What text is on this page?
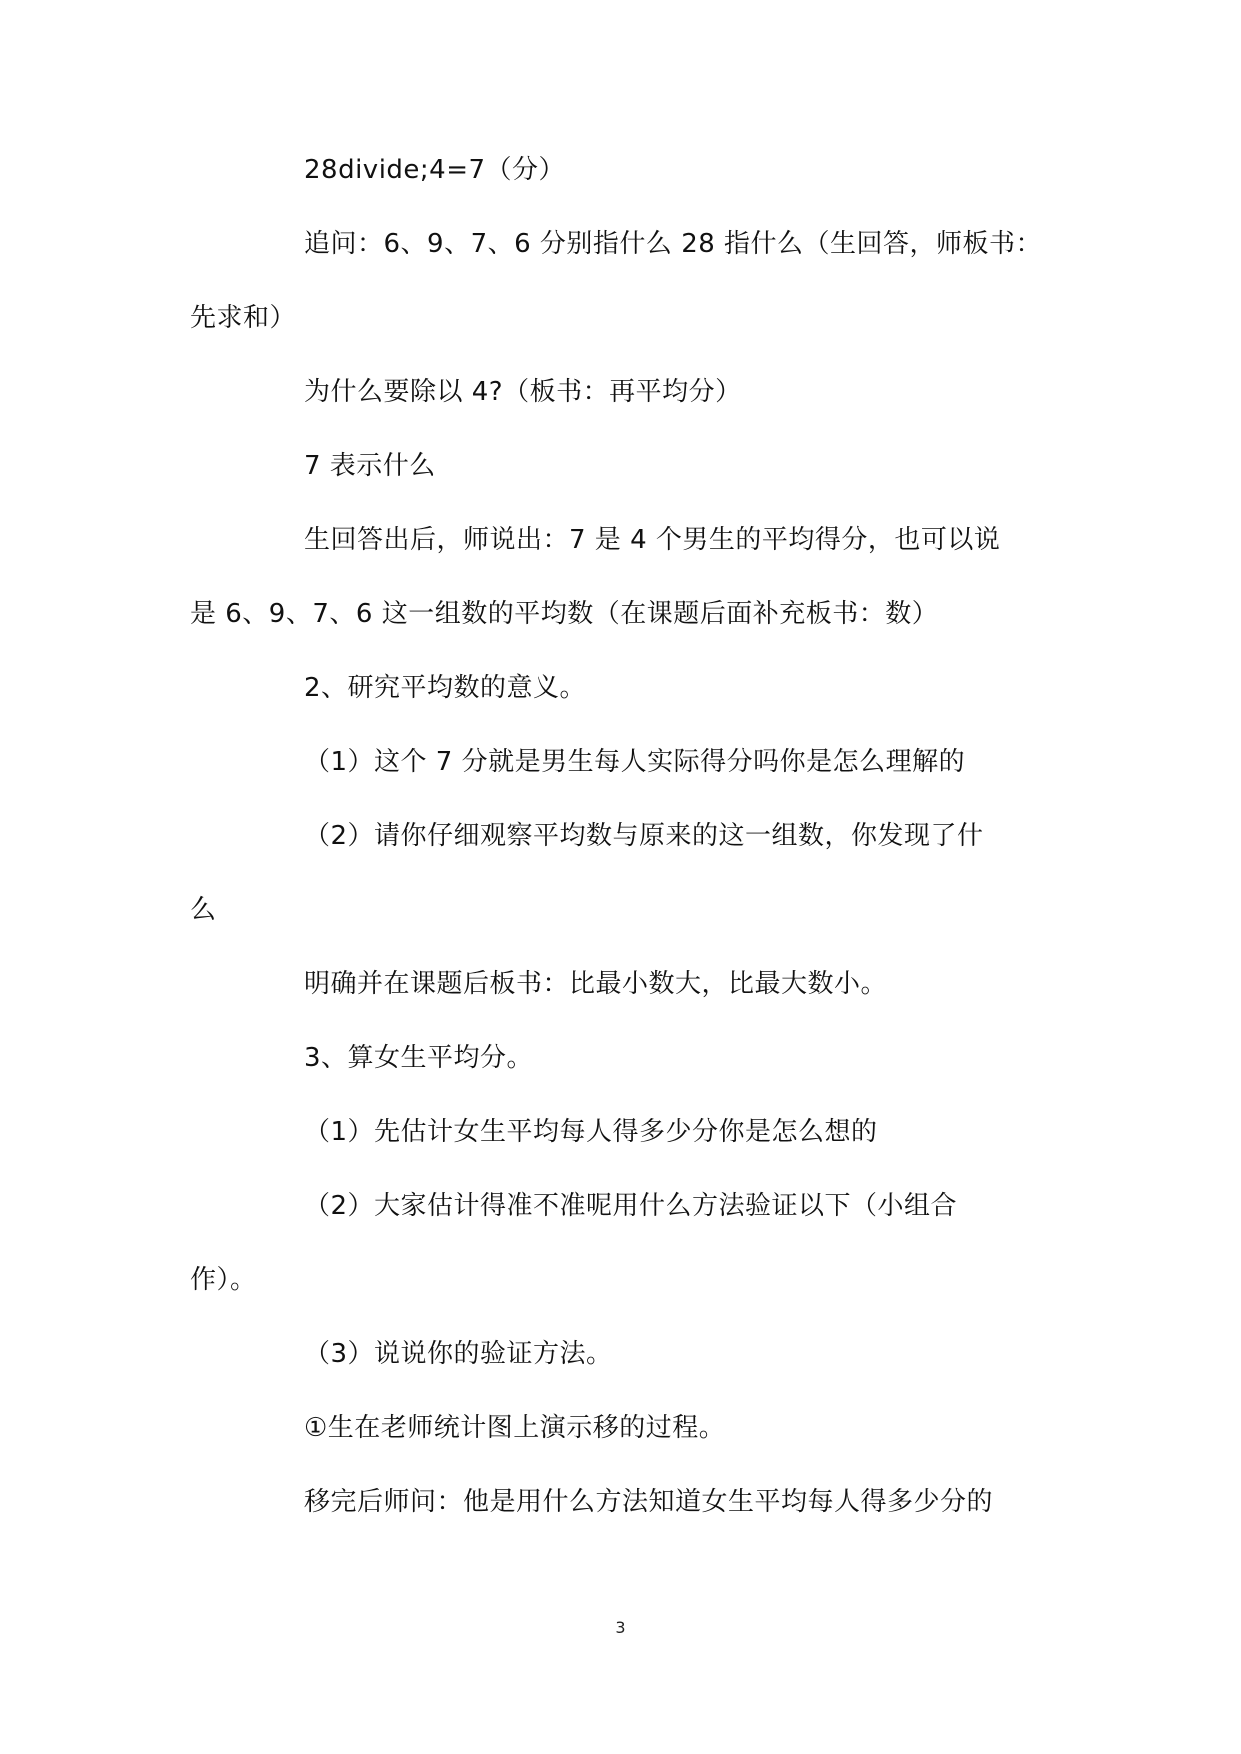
28divide;4=7（分）
追问：6、9、7、6 分别指什么 28 指什么（生回答，师板书：
先求和）
为什么要除以 4?（板书：再平均分）
7 表示什么
生回答出后，师说出：7 是 4 个男生的平均得分，也可以说
是 6、9、7、6 这一组数的平均数（在课题后面补充板书：数）
2、研究平均数的意义。
（1）这个 7 分就是男生每人实际得分吗你是怎么理解的
（2）请你仔细观察平均数与原来的这一组数，你发现了什
么
明确并在课题后板书：比最小数大，比最大数小。
3、算女生平均分。
（1）先估计女生平均每人得多少分你是怎么想的
（2）大家估计得准不准呢用什么方法验证以下（小组合
作）。
（3）说说你的验证方法。
①生在老师统计图上演示移的过程。
移完后师问：他是用什么方法知道女生平均每人得多少分的
3
